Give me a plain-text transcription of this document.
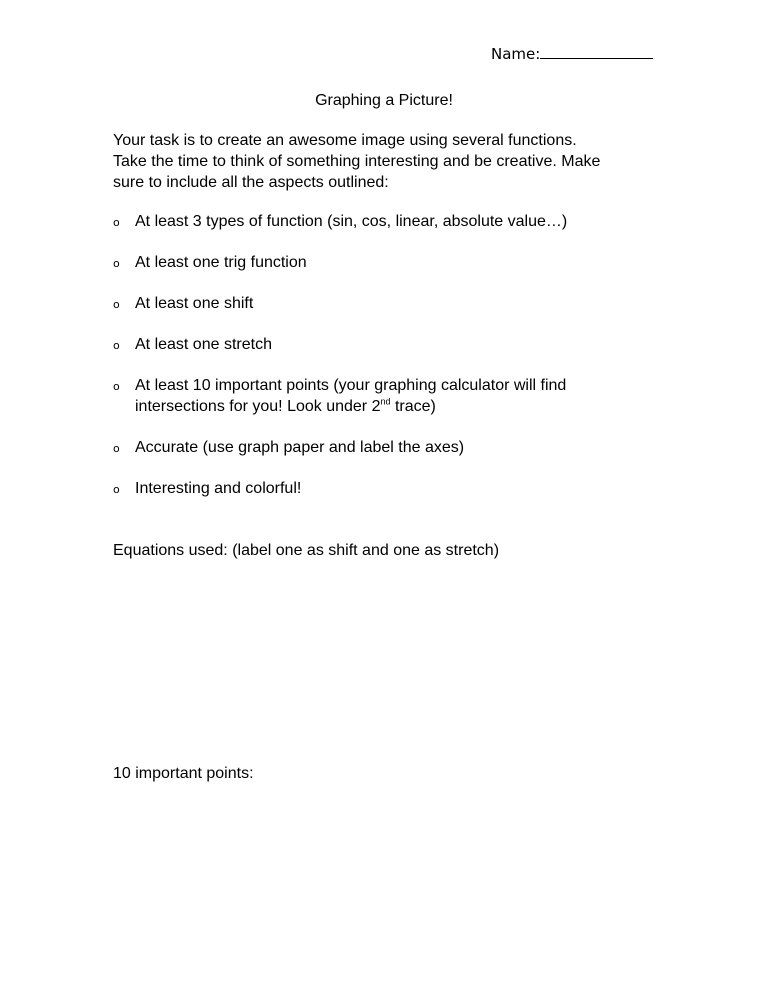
Name:
Graphing a Picture!
Your task is to create an awesome image using several functions.
Take the time to think of something interesting and be creative. Make
sure to include all the aspects outlined:
o At least 3 types of function (sin, cos, linear, absolute value…)
o At least one trig function
o At least one shift
o At least one stretch
o At least 10 important points (your graphing calculator will find
intersections for you! Look under 2nd trace)
o Accurate (use graph paper and label the axes)
o Interesting and colorful!
Equations used: (label one as shift and one as stretch)
10 important points:
